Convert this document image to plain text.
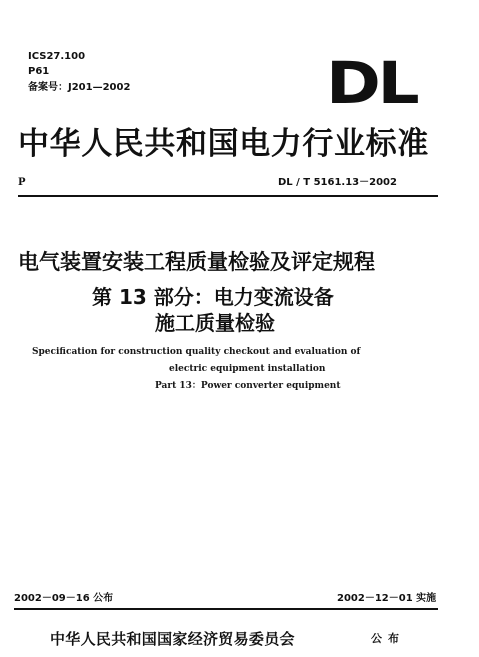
ICS27.100
P61
备案号：J201—2002	DL
中华人民共和国电力行业标准
P	DL / T 5161.13－2002
电气装置安装工程质量检验及评定规程
第 13 部分：电力变流设备
施工质量检验
Specification for construction quality checkout and evaluation of
electric equipment installation
Part 13：Power converter equipment
2002－09－16 公布	2002－12－01 实施
中华人民共和国国家经济贸易委员会	公布
